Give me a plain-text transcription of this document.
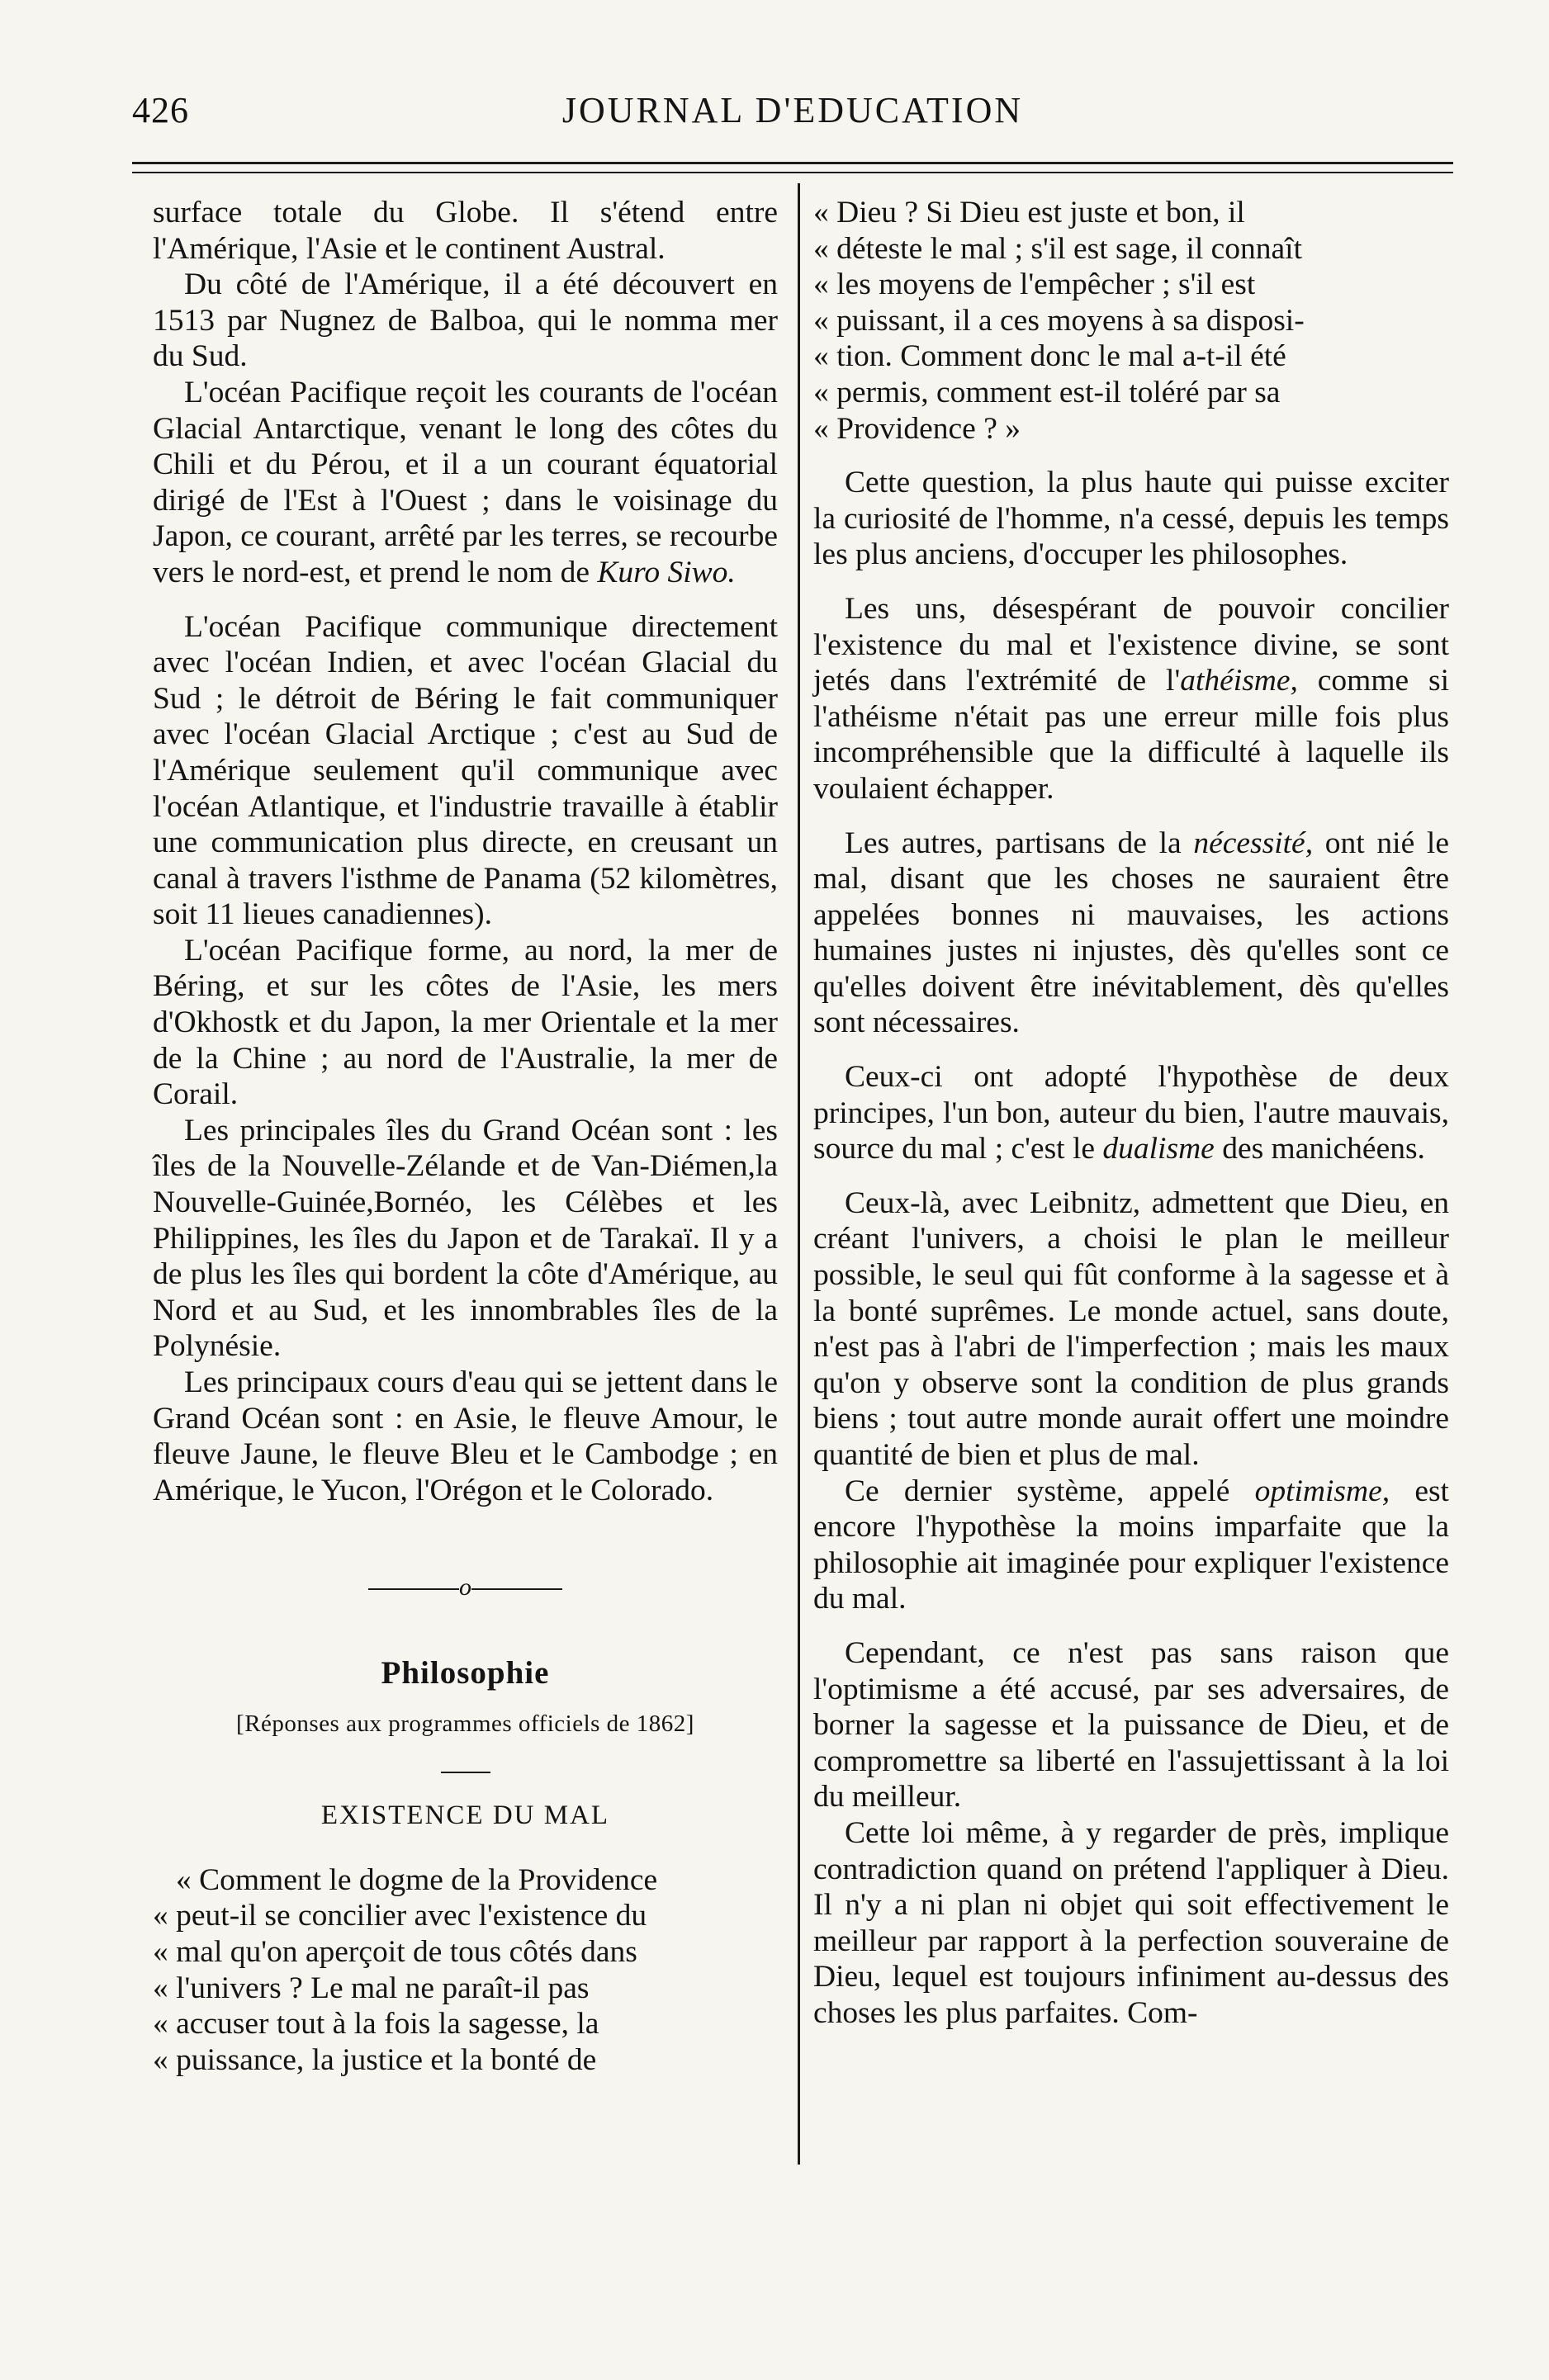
426	JOURNAL D'EDUCATION

surface totale du Globe. Il s'étend entre l'Amérique, l'Asie et le continent Austral.

Du côté de l'Amérique, il a été découvert en 1513 par Nugnez de Balboa, qui le nomma mer du Sud.

L'océan Pacifique reçoit les courants de l'océan Glacial Antarctique, venant le long des côtes du Chili et du Pérou, et il a un courant équatorial dirigé de l'Est à l'Ouest ; dans le voisinage du Japon, ce courant, arrêté par les terres, se recourbe vers le nord-est, et prend le nom de Kuro Siwo.

L'océan Pacifique communique directement avec l'océan Indien, et avec l'océan Glacial du Sud ; le détroit de Béring le fait communiquer avec l'océan Glacial Arctique ; c'est au Sud de l'Amérique seulement qu'il communique avec l'océan Atlantique, et l'industrie travaille à établir une communication plus directe, en creusant un canal à travers l'isthme de Panama (52 kilomètres, soit 11 lieues canadiennes).

L'océan Pacifique forme, au nord, la mer de Béring, et sur les côtes de l'Asie, les mers d'Okhostk et du Japon, la mer Orientale et la mer de la Chine ; au nord de l'Australie, la mer de Corail.

Les principales îles du Grand Océan sont : les îles de la Nouvelle-Zélande et de Van-Diémen,la Nouvelle-Guinée,Bornéo, les Célèbes et les Philippines, les îles du Japon et de Tarakaï. Il y a de plus les îles qui bordent la côte d'Amérique, au Nord et au Sud, et les innombrables îles de la Polynésie.

Les principaux cours d'eau qui se jettent dans le Grand Océan sont : en Asie, le fleuve Amour, le fleuve Jaune, le fleuve Bleu et le Cambodge ; en Amérique, le Yucon, l'Orégon et le Colorado.

o
Philosophie
[Réponses aux programmes officiels de 1862]
EXISTENCE DU MAL
« Comment le dogme de la Providence
« peut-il se concilier avec l'existence du
« mal qu'on aperçoit de tous côtés dans
« l'univers ? Le mal ne paraît-il pas
« accuser tout à la fois la sagesse, la
« puissance, la justice et la bonté de
« Dieu ? Si Dieu est juste et bon, il
« déteste le mal ; s'il est sage, il connaît
« les moyens de l'empêcher ; s'il est
« puissant, il a ces moyens à sa disposi-
« tion. Comment donc le mal a-t-il été
« permis, comment est-il toléré par sa
« Providence ? »

Cette question, la plus haute qui puisse exciter la curiosité de l'homme, n'a cessé, depuis les temps les plus anciens, d'occuper les philosophes.

Les uns, désespérant de pouvoir concilier l'existence du mal et l'existence divine, se sont jetés dans l'extrémité de l'athéisme, comme si l'athéisme n'était pas une erreur mille fois plus incompréhensible que la difficulté à laquelle ils voulaient échapper.

Les autres, partisans de la nécessité, ont nié le mal, disant que les choses ne sauraient être appelées bonnes ni mauvaises, les actions humaines justes ni injustes, dès qu'elles sont ce qu'elles doivent être inévitablement, dès qu'elles sont nécessaires.

Ceux-ci ont adopté l'hypothèse de deux principes, l'un bon, auteur du bien, l'autre mauvais, source du mal ; c'est le dualisme des manichéens.

Ceux-là, avec Leibnitz, admettent que Dieu, en créant l'univers, a choisi le plan le meilleur possible, le seul qui fût conforme à la sagesse et à la bonté suprêmes. Le monde actuel, sans doute, n'est pas à l'abri de l'imperfection ; mais les maux qu'on y observe sont la condition de plus grands biens ; tout autre monde aurait offert une moindre quantité de bien et plus de mal.

Ce dernier système, appelé optimisme, est encore l'hypothèse la moins imparfaite que la philosophie ait imaginée pour expliquer l'existence du mal.

Cependant, ce n'est pas sans raison que l'optimisme a été accusé, par ses adversaires, de borner la sagesse et la puissance de Dieu, et de compromettre sa liberté en l'assujettissant à la loi du meilleur.

Cette loi même, à y regarder de près, implique contradiction quand on prétend l'appliquer à Dieu. Il n'y a ni plan ni objet qui soit effectivement le meilleur par rapport à la perfection souveraine de Dieu, lequel est toujours infiniment au-dessus des choses les plus parfaites. Com-
